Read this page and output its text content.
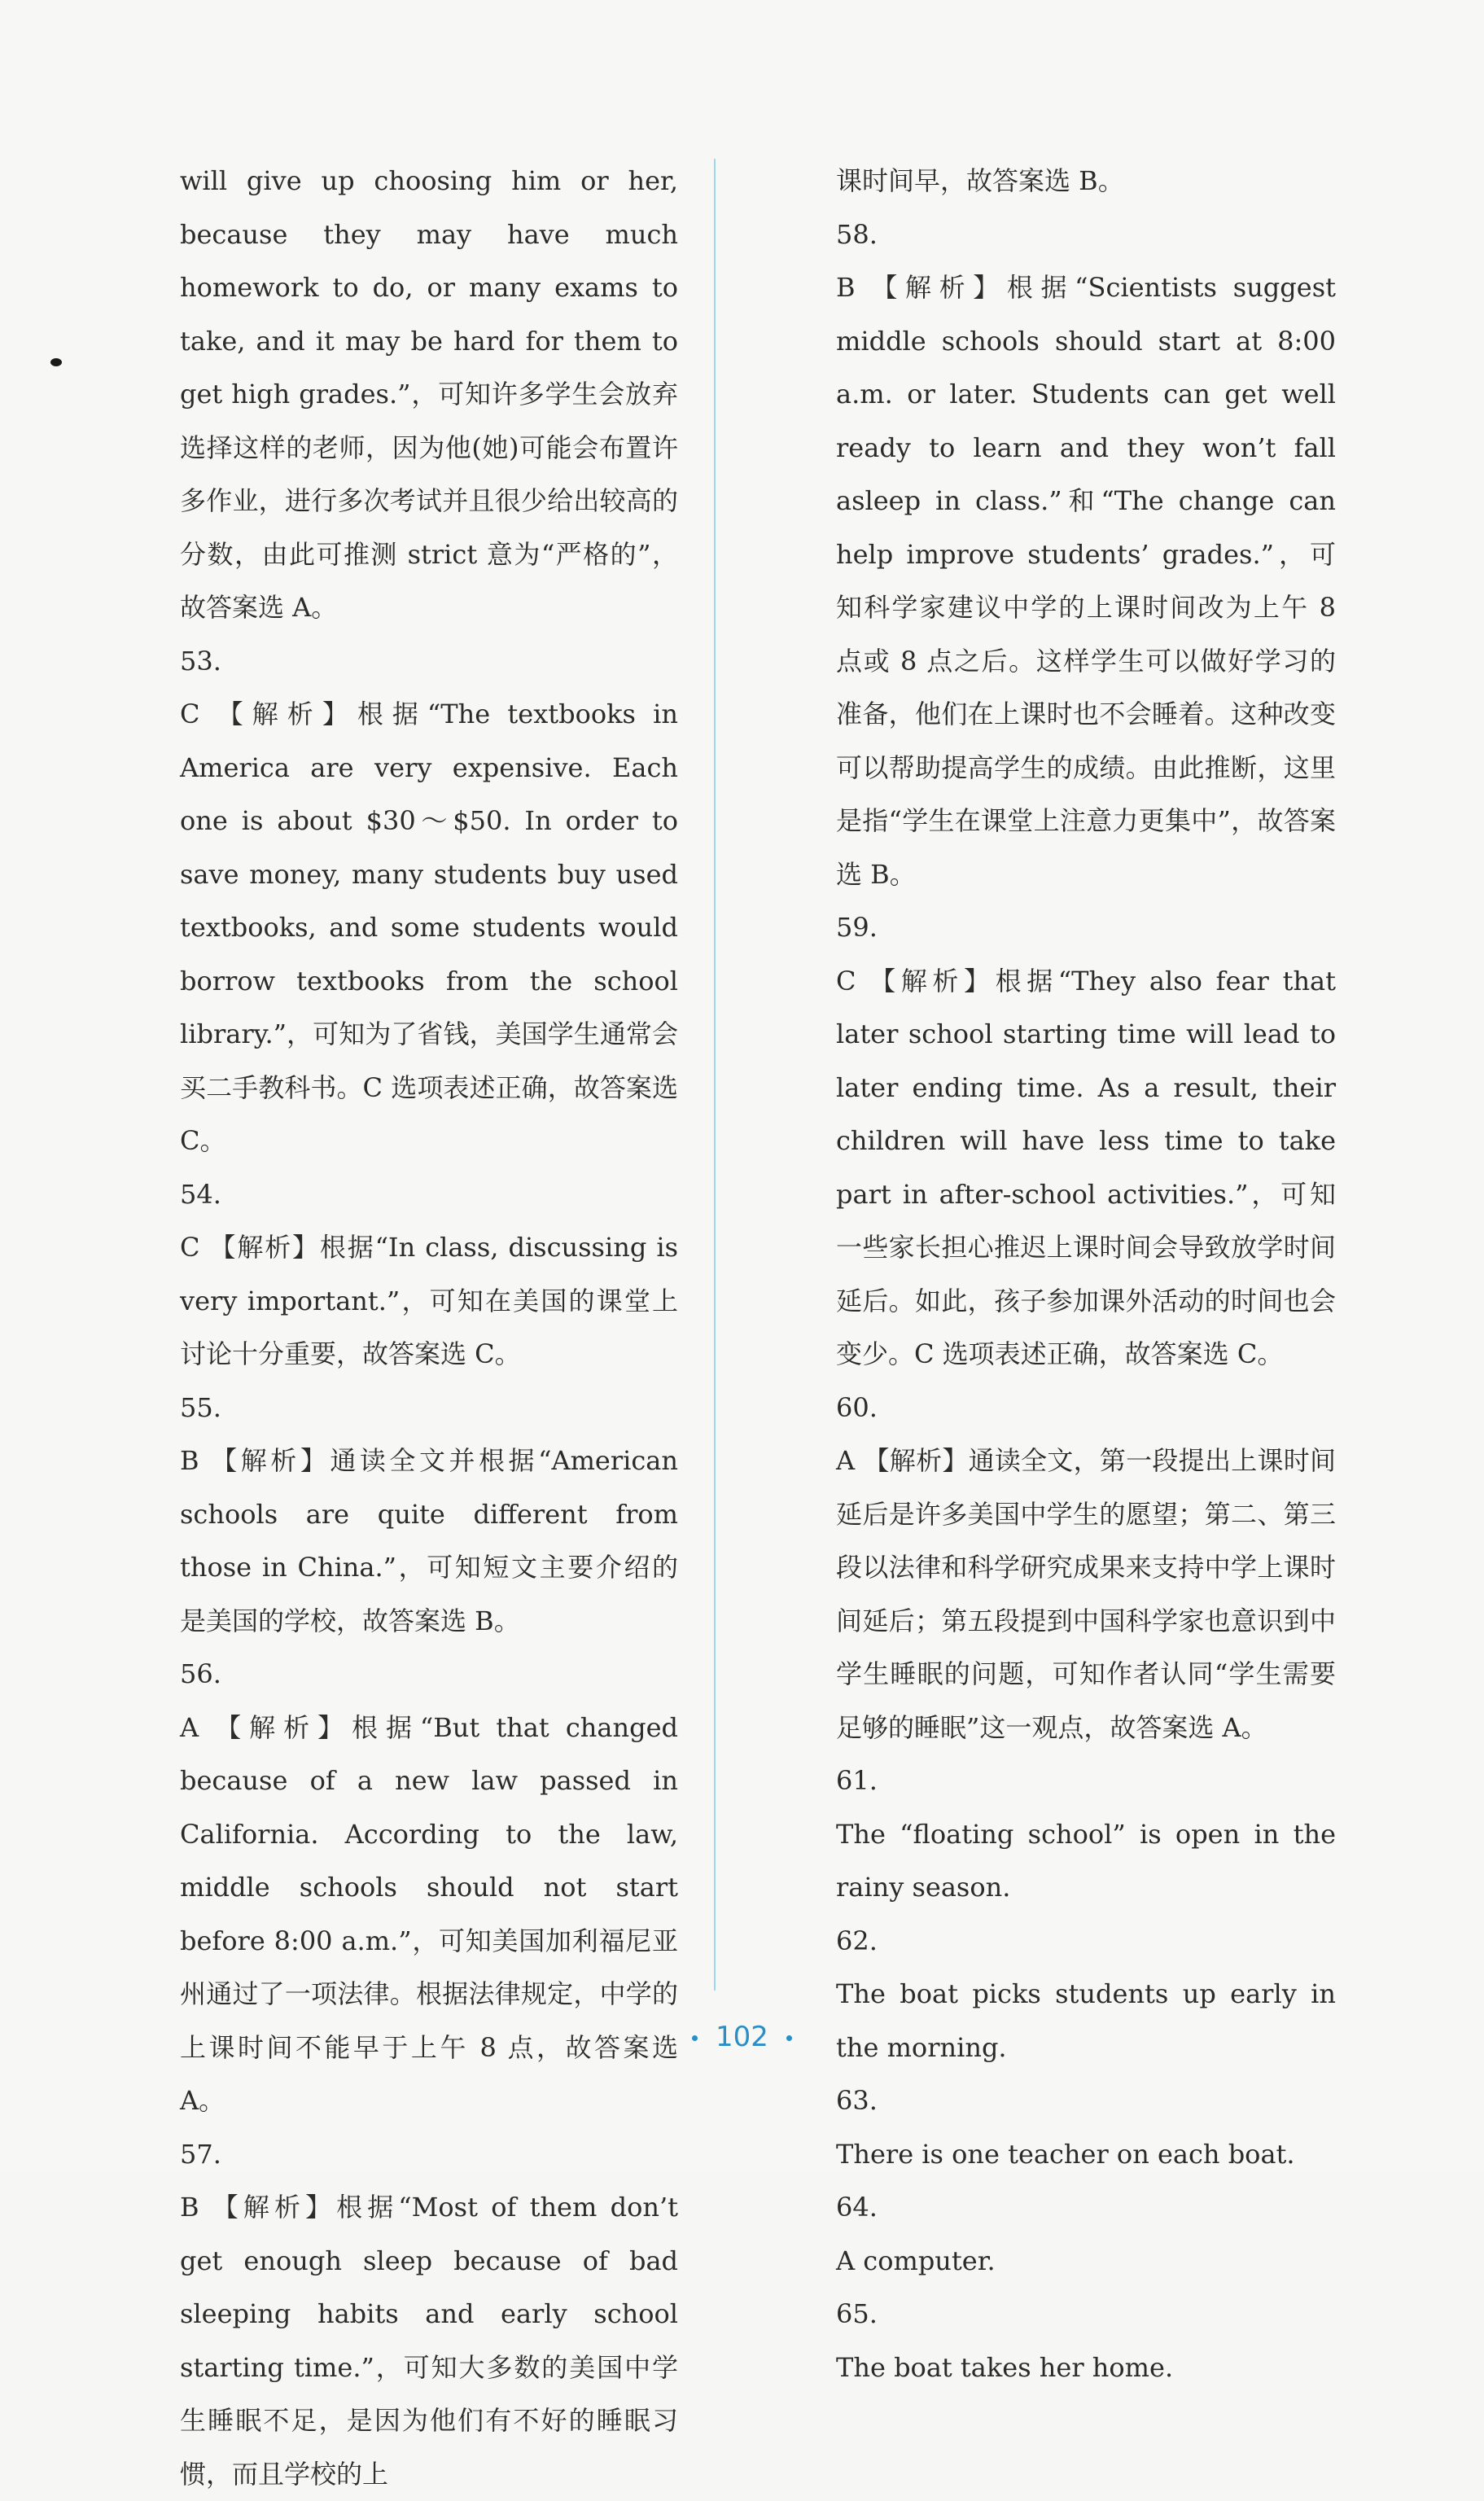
will give up choosing him or her, because they may have much homework to do, or many exams to take, and it may be hard for them to get high grades.”，可知许多学生会放弃选择这样的老师，因为他(她)可能会布置许多作业，进行多次考试并且很少给出较高的分数，由此可推测 strict 意为“严格的”，故答案选 A。
53.
C 【解析】根据“The textbooks in America are very expensive. Each one is about $30～$50. In order to save money, many students buy used textbooks, and some students would borrow textbooks from the school library.”，可知为了省钱，美国学生通常会买二手教科书。C 选项表述正确，故答案选 C。
54.
C 【解析】根据“In class, discussing is very important.”，可知在美国的课堂上讨论十分重要，故答案选 C。
55.
B 【解析】通读全文并根据“American schools are quite different from those in China.”，可知短文主要介绍的是美国的学校，故答案选 B。
56.
A 【解析】根据“But that changed because of a new law passed in California. According to the law, middle schools should not start before 8:00 a.m.”，可知美国加利福尼亚州通过了一项法律。根据法律规定，中学的上课时间不能早于上午 8 点，故答案选 A。
57.
B 【解析】根据“Most of them don’t get enough sleep because of bad sleeping habits and early school starting time.”，可知大多数的美国中学生睡眠不足，是因为他们有不好的睡眠习惯，而且学校的上
课时间早，故答案选 B。
58.
B 【解析】根据“Scientists suggest middle schools should start at 8:00 a.m. or later. Students can get well ready to learn and they won’t fall asleep in class.”和“The change can help improve students’ grades.”，可知科学家建议中学的上课时间改为上午 8 点或 8 点之后。这样学生可以做好学习的准备，他们在上课时也不会睡着。这种改变可以帮助提高学生的成绩。由此推断，这里是指“学生在课堂上注意力更集中”，故答案选 B。
59.
C 【解析】根据“They also fear that later school starting time will lead to later ending time. As a result, their children will have less time to take part in after-school activities.”，可知一些家长担心推迟上课时间会导致放学时间延后。如此，孩子参加课外活动的时间也会变少。C 选项表述正确，故答案选 C。
60.
A 【解析】通读全文，第一段提出上课时间延后是许多美国中学生的愿望；第二、第三段以法律和科学研究成果来支持中学上课时间延后；第五段提到中国科学家也意识到中学生睡眠的问题，可知作者认同“学生需要足够的睡眠”这一观点，故答案选 A。
61.
The “floating school” is open in the rainy season.
62.
The boat picks students up early in the morning.
63.
There is one teacher on each boat.
64.
A computer.
65.
The boat takes her home.
102
